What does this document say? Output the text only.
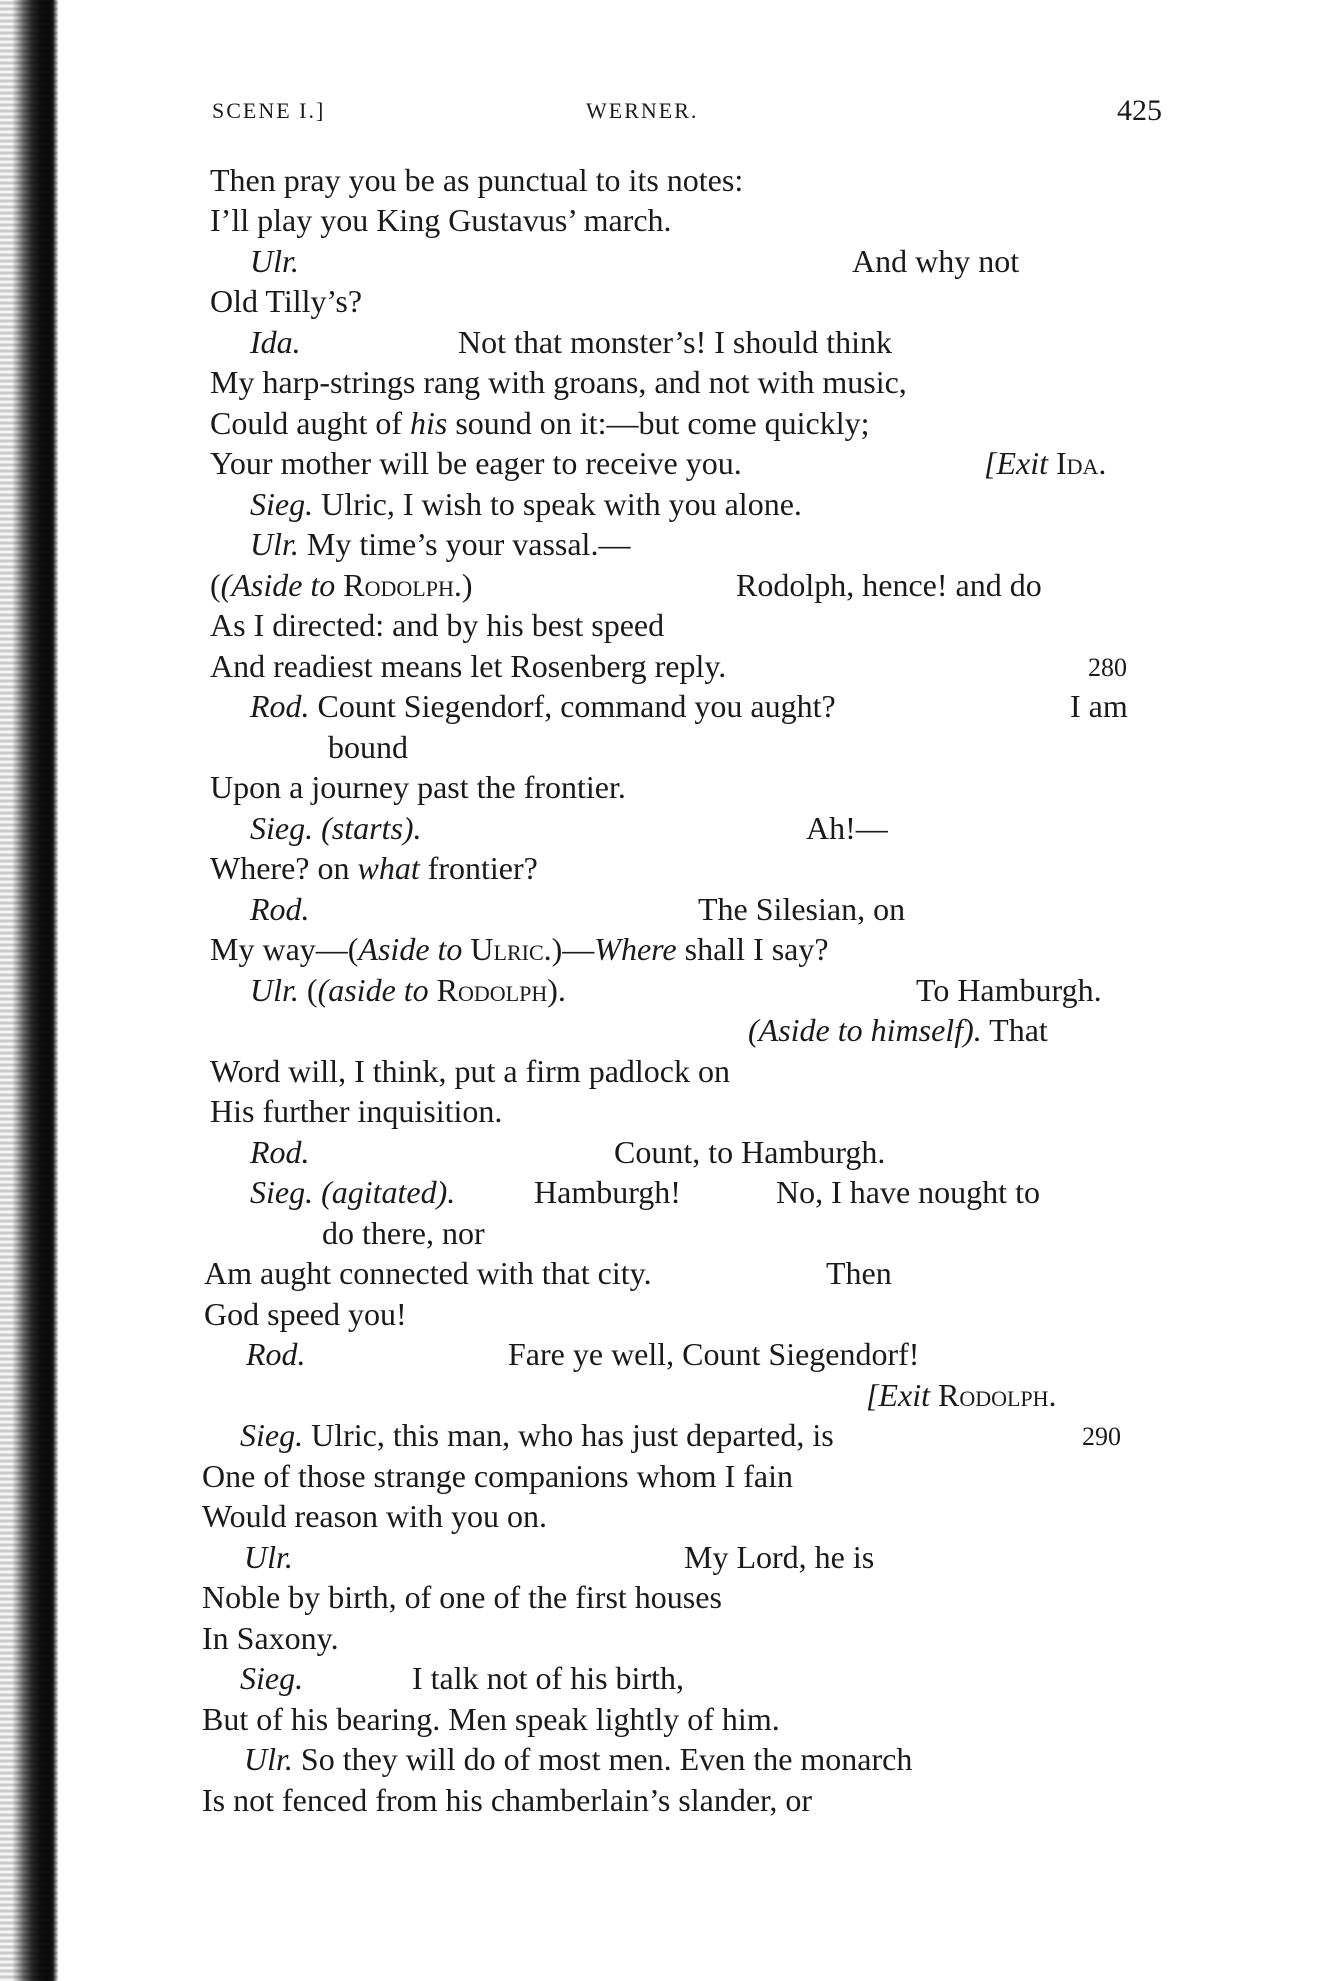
SCENE I.]	WERNER.	425
Then pray you be as punctual to its notes:
I’ll play you King Gustavus’ march.
Ulr.	And why not
Old Tilly’s?
Ida.	Not that monster’s! I should think
My harp-strings rang with groans, and not with music,
Could aught of his sound on it:—but come quickly;
Your mother will be eager to receive you.	[Exit Ida.
Sieg. Ulric, I wish to speak with you alone.
Ulr. My time’s your vassal.—
((Aside to Rodolph.)	Rodolph, hence! and do
As I directed: and by his best speed
And readiest means let Rosenberg reply.	280
Rod. Count Siegendorf, command you aught?	I am
bound
Upon a journey past the frontier.
Sieg. (starts).	Ah!—
Where? on what frontier?
Rod.	The Silesian, on
My way—(Aside to Ulric.)—Where shall I say?
Ulr. ((aside to Rodolph).	To Hamburgh.
(Aside to himself). That
Word will, I think, put a firm padlock on
His further inquisition.
Rod.	Count, to Hamburgh.
Sieg. (agitated). Hamburgh!	No, I have nought to
do there, nor
Am aught connected with that city.	Then
God speed you!
Rod.	Fare ye well, Count Siegendorf!
[Exit Rodolph.
Sieg. Ulric, this man, who has just departed, is	290
One of those strange companions whom I fain
Would reason with you on.
Ulr.	My Lord, he is
Noble by birth, of one of the first houses
In Saxony.
Sieg.	I talk not of his birth,
But of his bearing. Men speak lightly of him.
Ulr. So they will do of most men. Even the monarch
Is not fenced from his chamberlain’s slander, or
